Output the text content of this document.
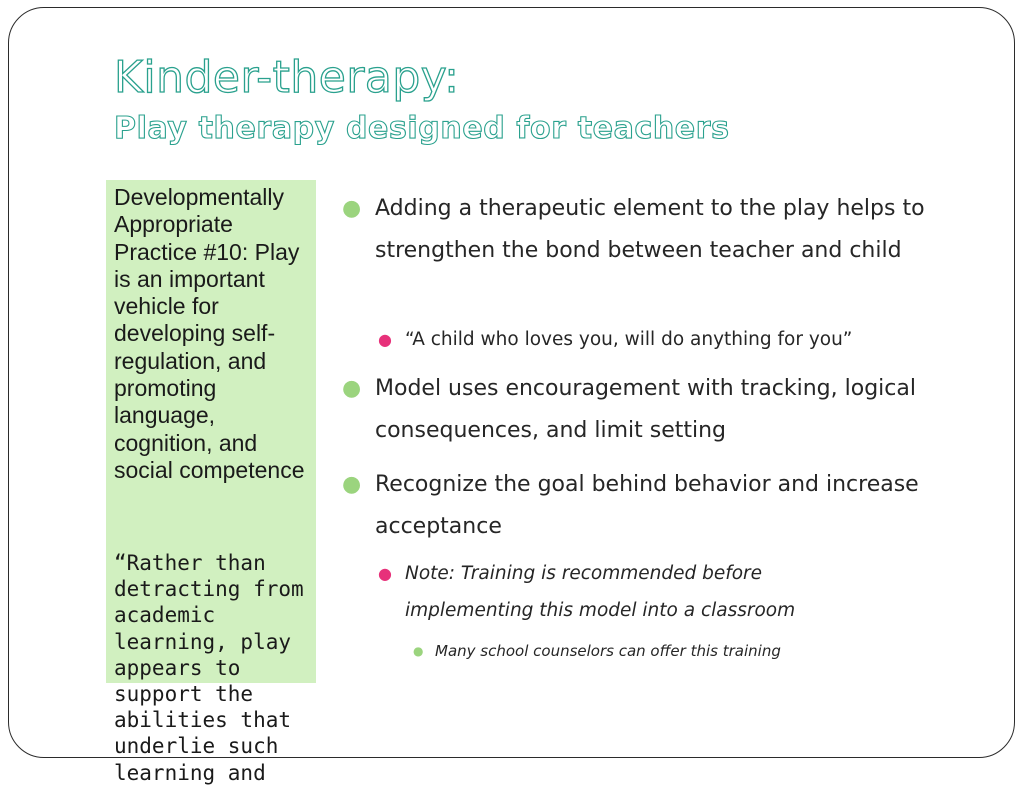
Kinder-therapy:
Play therapy designed for teachers

Developmentally Appropriate Practice #10: Play is an important vehicle for developing self-regulation, and promoting language, cognition, and social competence

“Rather than detracting from academic learning, play appears to support the abilities that underlie such learning and

● Adding a therapeutic element to the play helps to strengthen the bond between teacher and child
● “A child who loves you, will do anything for you”
● Model uses encouragement with tracking, logical consequences, and limit setting
● Recognize the goal behind behavior and increase acceptance
● Note: Training is recommended before implementing this model into a classroom
● Many school counselors can offer this training
